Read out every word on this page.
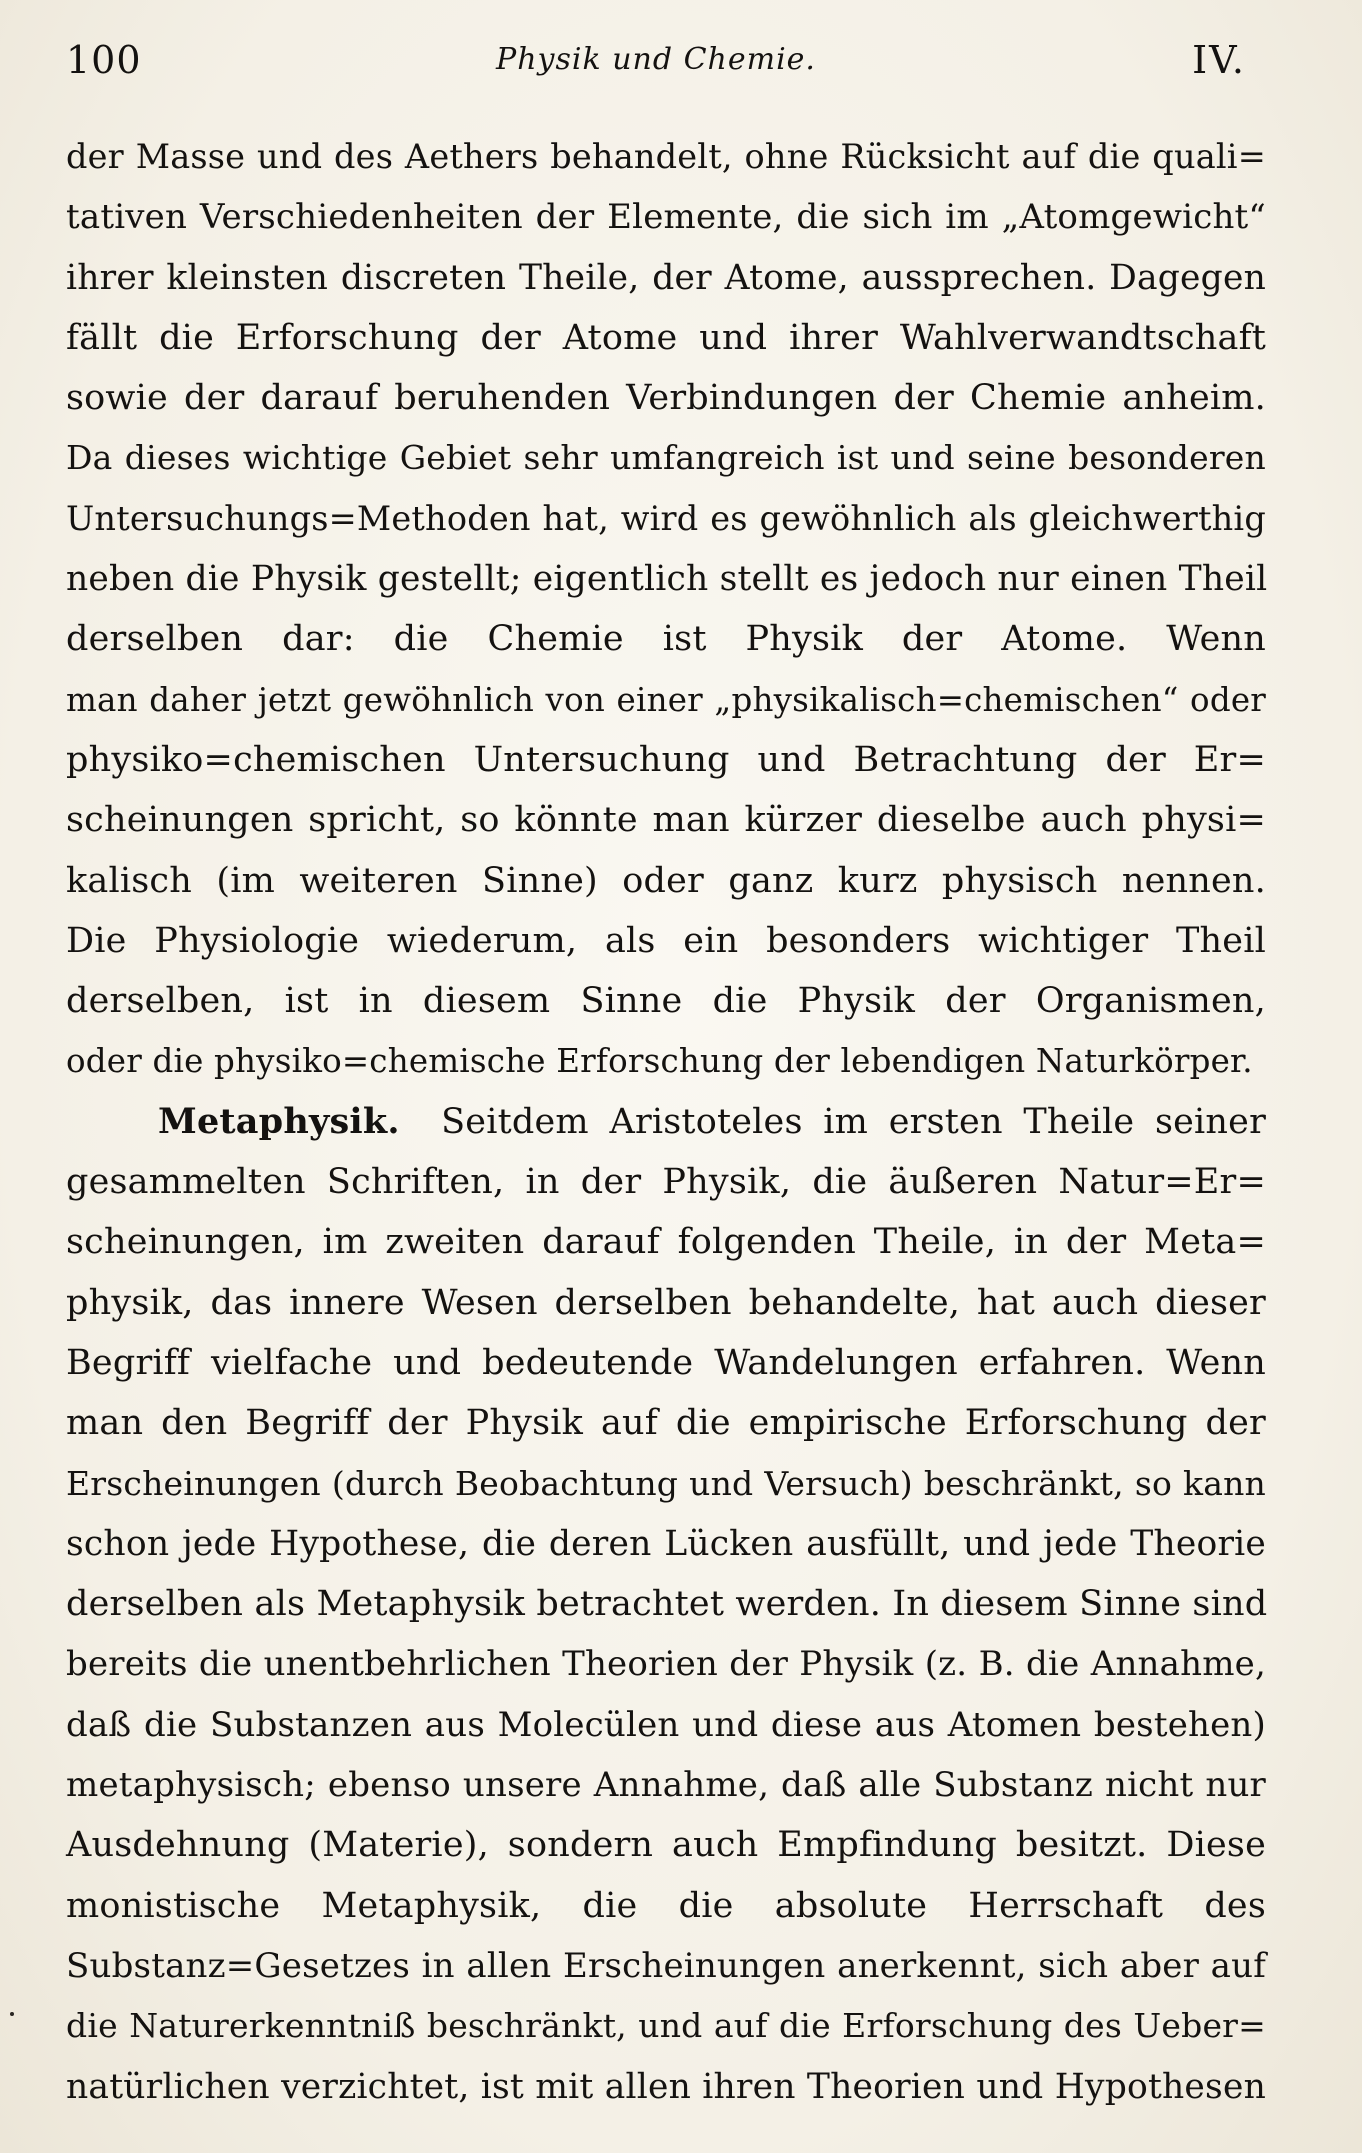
100	Physik und Chemie.	IV.
der Masse und des Aethers behandelt, ohne Rücksicht auf die quali=
tativen Verschiedenheiten der Elemente, die sich im „Atomgewicht“
ihrer kleinsten discreten Theile, der Atome, aussprechen. Dagegen
fällt die Erforschung der Atome und ihrer Wahlverwandtschaft
sowie der darauf beruhenden Verbindungen der Chemie anheim.
Da dieses wichtige Gebiet sehr umfangreich ist und seine besonderen
Untersuchungs=Methoden hat, wird es gewöhnlich als gleichwerthig
neben die Physik gestellt; eigentlich stellt es jedoch nur einen Theil
derselben dar: die Chemie ist Physik der Atome. Wenn
man daher jetzt gewöhnlich von einer „physikalisch=chemischen“ oder
physiko=chemischen Untersuchung und Betrachtung der Er=
scheinungen spricht, so könnte man kürzer dieselbe auch physi=
kalisch (im weiteren Sinne) oder ganz kurz physisch nennen.
Die Physiologie wiederum, als ein besonders wichtiger Theil
derselben, ist in diesem Sinne die Physik der Organismen,
oder die physiko=chemische Erforschung der lebendigen Naturkörper.
Metaphysik. Seitdem Aristoteles im ersten Theile seiner
gesammelten Schriften, in der Physik, die äußeren Natur=Er=
scheinungen, im zweiten darauf folgenden Theile, in der Meta=
physik, das innere Wesen derselben behandelte, hat auch dieser
Begriff vielfache und bedeutende Wandelungen erfahren. Wenn
man den Begriff der Physik auf die empirische Erforschung der
Erscheinungen (durch Beobachtung und Versuch) beschränkt, so kann
schon jede Hypothese, die deren Lücken ausfüllt, und jede Theorie
derselben als Metaphysik betrachtet werden. In diesem Sinne sind
bereits die unentbehrlichen Theorien der Physik (z. B. die Annahme,
daß die Substanzen aus Molecülen und diese aus Atomen bestehen)
metaphysisch; ebenso unsere Annahme, daß alle Substanz nicht nur
Ausdehnung (Materie), sondern auch Empfindung besitzt. Diese
monistische Metaphysik, die die absolute Herrschaft des
Substanz=Gesetzes in allen Erscheinungen anerkennt, sich aber auf
die Naturerkenntniß beschränkt, und auf die Erforschung des Ueber=
natürlichen verzichtet, ist mit allen ihren Theorien und Hypothesen
